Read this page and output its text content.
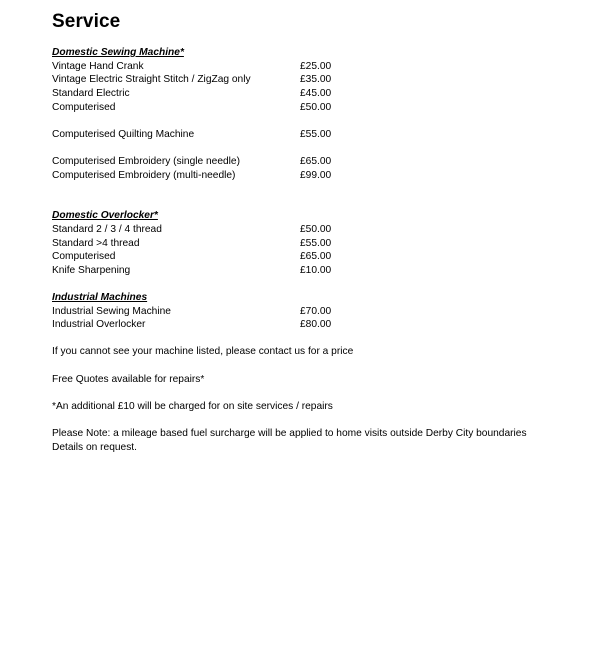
Service
Domestic Sewing Machine*
Vintage Hand Crank	£25.00
Vintage Electric Straight Stitch / ZigZag only	£35.00
Standard Electric	£45.00
Computerised	£50.00
Computerised Quilting Machine	£55.00
Computerised Embroidery (single needle)	£65.00
Computerised Embroidery (multi-needle)	£99.00
Domestic Overlocker*
Standard 2 / 3 / 4 thread	£50.00
Standard >4 thread	£55.00
Computerised	£65.00
Knife Sharpening	£10.00
Industrial Machines
Industrial Sewing Machine	£70.00
Industrial Overlocker	£80.00
If you cannot see your machine listed, please contact us for a price
Free Quotes available for repairs*
*An additional £10 will be charged for on site services / repairs
Please Note: a mileage based fuel surcharge will be applied to home visits outside Derby City boundaries
Details on request.
